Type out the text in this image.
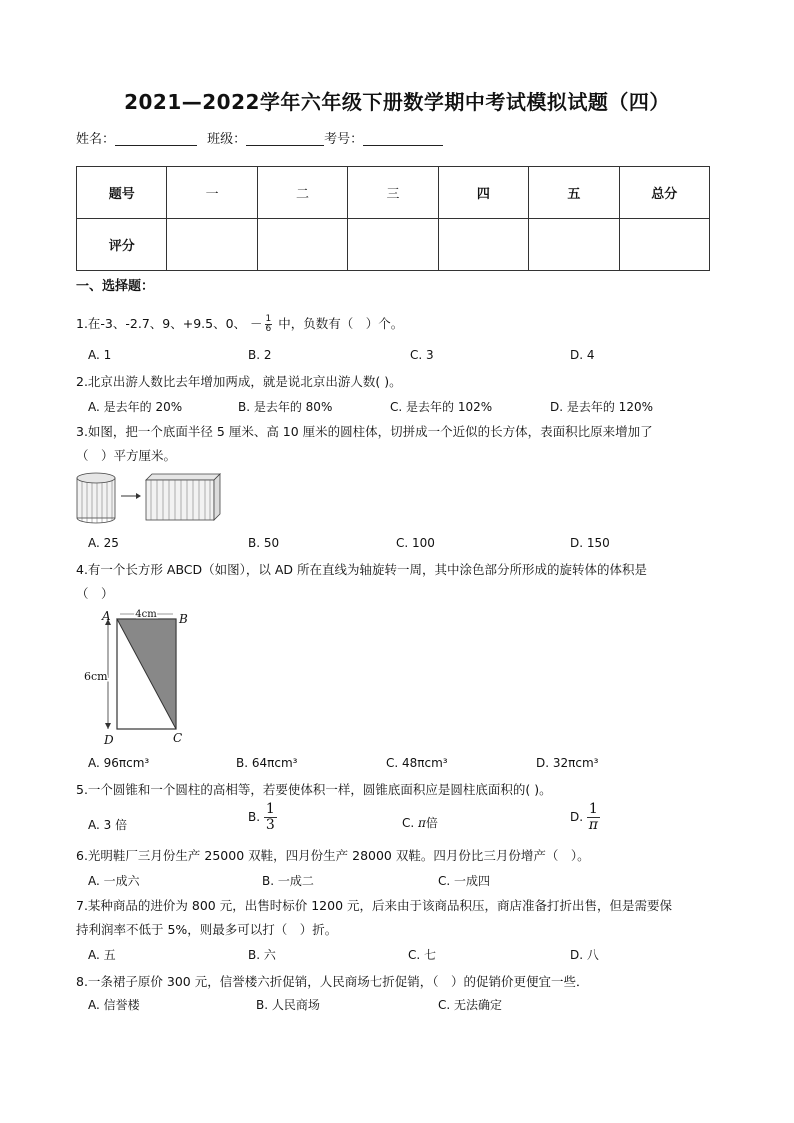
2021—2022学年六年级下册数学期中考试模拟试题（四）
姓名：	班级：	考号：
题号	一	二	三	四	五	总分
评分						
一、选择题：
1.在-3、-2.7、9、+9.5、0、 － $\frac{1}{6}$ 中，负数有（　）个。
A. 1	B. 2	C. 3	D. 4
2.北京出游人数比去年增加两成，就是说北京出游人数( )。
A. 是去年的 20%	B. 是去年的 80%	C. 是去年的 102%	D. 是去年的 120%
3.如图，把一个底面半径 5 厘米、高 10 厘米的圆柱体，切拼成一个近似的长方体，表面积比原来增加了
（　）平方厘米。
A. 25	B. 50	C. 100	D. 150
4.有一个长方形 ABCD（如图），以 AD 所在直线为轴旋转一周，其中涂色部分所形成的旋转体的体积是
（　）
4cm
6cm
A	B
C
D
A. 96πcm³	B. 64πcm³	C. 48πcm³	D. 32πcm³
5.一个圆锥和一个圆柱的高相等，若要使体积一样，圆锥底面积应是圆柱底面积的( )。
A. 3 倍
B. $\frac{1}{3}$	C. π倍	D. $\frac{1}{\pi}$
6.光明鞋厂三月份生产 25000 双鞋，四月份生产 28000 双鞋。四月份比三月份增产（　）。
A. 一成六	B. 一成二	C. 一成四
7.某种商品的进价为 800 元，出售时标价 1200 元，后来由于该商品积压，商店准备打折出售，但是需要保
持利润率不低于 5%，则最多可以打（　）折。
A. 五	B. 六	C. 七	D. 八
8.一条裙子原价 300 元，信誉楼六折促销，人民商场七折促销，（　）的促销价更便宜一些．
A. 信誉楼	B. 人民商场	C. 无法确定
